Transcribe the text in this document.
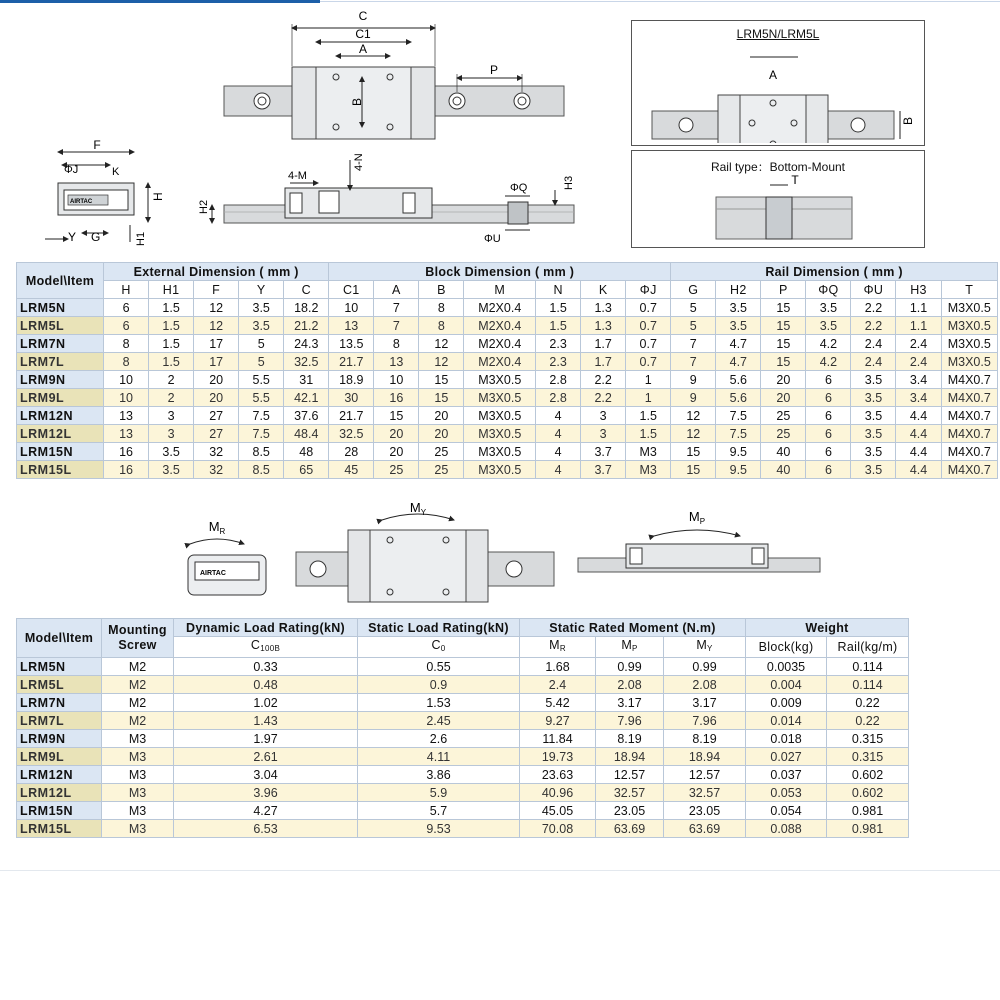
C
C1
A
B
P
AIRTAC
F
ΦJ	K
H
Y G	H1
4-M
4-N
H2
ΦQ	H3
ΦU
LRM5N/LRM5L
A
B
Rail type：Bottom-Mount
T
Model\Item	External Dimension ( mm )					Block Dimension ( mm )							Rail Dimension ( mm )						
	H	H1	F	Y	C	C1	A	B	M	N	K	ΦJ	G	H2	P	ΦQ	ΦU	H3	T
LRM5N	6	1.5	12	3.5	18.2	10	7	8	M2X0.4	1.5	1.3	0.7	5	3.5	15	3.5	2.2	1.1	M3X0.5
LRM5L	6	1.5	12	3.5	21.2	13	7	8	M2X0.4	1.5	1.3	0.7	5	3.5	15	3.5	2.2	1.1	M3X0.5
LRM7N	8	1.5	17	5	24.3	13.5	8	12	M2X0.4	2.3	1.7	0.7	7	4.7	15	4.2	2.4	2.4	M3X0.5
LRM7L	8	1.5	17	5	32.5	21.7	13	12	M2X0.4	2.3	1.7	0.7	7	4.7	15	4.2	2.4	2.4	M3X0.5
LRM9N	10	2	20	5.5	31	18.9	10	15	M3X0.5	2.8	2.2	1	9	5.6	20	6	3.5	3.4	M4X0.7
LRM9L	10	2	20	5.5	42.1	30	16	15	M3X0.5	2.8	2.2	1	9	5.6	20	6	3.5	3.4	M4X0.7
LRM12N	13	3	27	7.5	37.6	21.7	15	20	M3X0.5	4	3	1.5	12	7.5	25	6	3.5	4.4	M4X0.7
LRM12L	13	3	27	7.5	48.4	32.5	20	20	M3X0.5	4	3	1.5	12	7.5	25	6	3.5	4.4	M4X0.7
LRM15N	16	3.5	32	8.5	48	28	20	25	M3X0.5	4	3.7	M3	15	9.5	40	6	3.5	4.4	M4X0.7
LRM15L	16	3.5	32	8.5	65	45	25	25	M3X0.5	4	3.7	M3	15	9.5	40	6	3.5	4.4	M4X0.7
AIRTAC
$M_R$
$M_Y$	$M_P$
Model\Item	Mounting Screw	Dynamic Load Rating(kN)	Static Load Rating(kN)	Static Rated Moment (N.m)			Weight	
		C100B	C0	MR	MP	MY	Block(kg)	Rail(kg/m)
LRM5N	M2	0.33	0.55	1.68	0.99	0.99	0.0035	0.114
LRM5L	M2	0.48	0.9	2.4	2.08	2.08	0.004	0.114
LRM7N	M2	1.02	1.53	5.42	3.17	3.17	0.009	0.22
LRM7L	M2	1.43	2.45	9.27	7.96	7.96	0.014	0.22
LRM9N	M3	1.97	2.6	11.84	8.19	8.19	0.018	0.315
LRM9L	M3	2.61	4.11	19.73	18.94	18.94	0.027	0.315
LRM12N	M3	3.04	3.86	23.63	12.57	12.57	0.037	0.602
LRM12L	M3	3.96	5.9	40.96	32.57	32.57	0.053	0.602
LRM15N	M3	4.27	5.7	45.05	23.05	23.05	0.054	0.981
LRM15L	M3	6.53	9.53	70.08	63.69	63.69	0.088	0.981
